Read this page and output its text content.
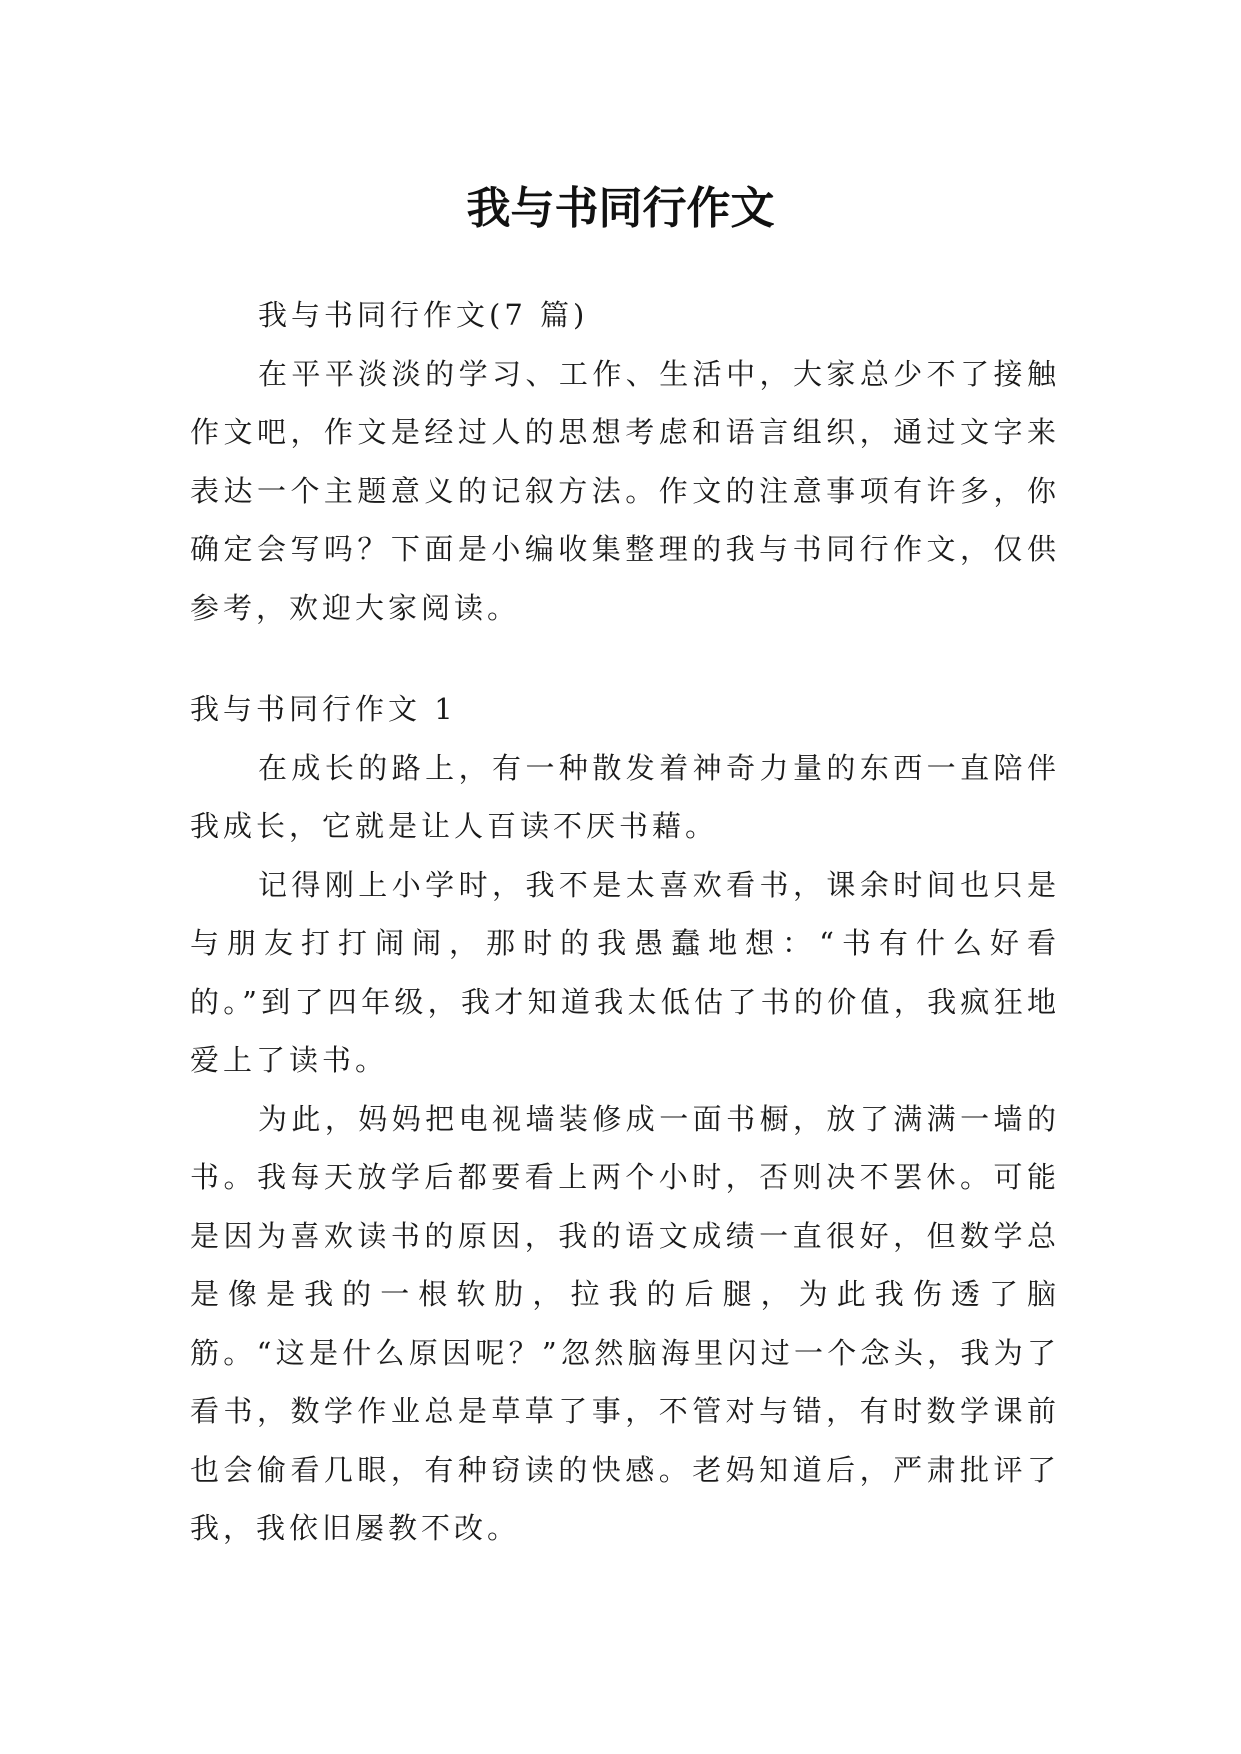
我与书同行作文

我与书同行作文(7 篇)

在平平淡淡的学习、工作、生活中，大家总少不了接触作文吧，作文是经过人的思想考虑和语言组织，通过文字来表达一个主题意义的记叙方法。作文的注意事项有许多，你确定会写吗？下面是小编收集整理的我与书同行作文，仅供参考，欢迎大家阅读。

我与书同行作文 1

在成长的路上，有一种散发着神奇力量的东西一直陪伴我成长，它就是让人百读不厌书藉。

记得刚上小学时，我不是太喜欢看书，课余时间也只是与朋友打打闹闹，那时的我愚蠢地想：“书有什么好看的。”到了四年级，我才知道我太低估了书的价值，我疯狂地爱上了读书。

为此，妈妈把电视墙装修成一面书橱，放了满满一墙的书。我每天放学后都要看上两个小时，否则决不罢休。可能是因为喜欢读书的原因，我的语文成绩一直很好，但数学总是像是我的一根软肋，拉我的后腿，为此我伤透了脑筋。“这是什么原因呢？”忽然脑海里闪过一个念头，我为了看书，数学作业总是草草了事，不管对与错，有时数学课前也会偷看几眼，有种窃读的快感。老妈知道后，严肃批评了我，我依旧屡教不改。
